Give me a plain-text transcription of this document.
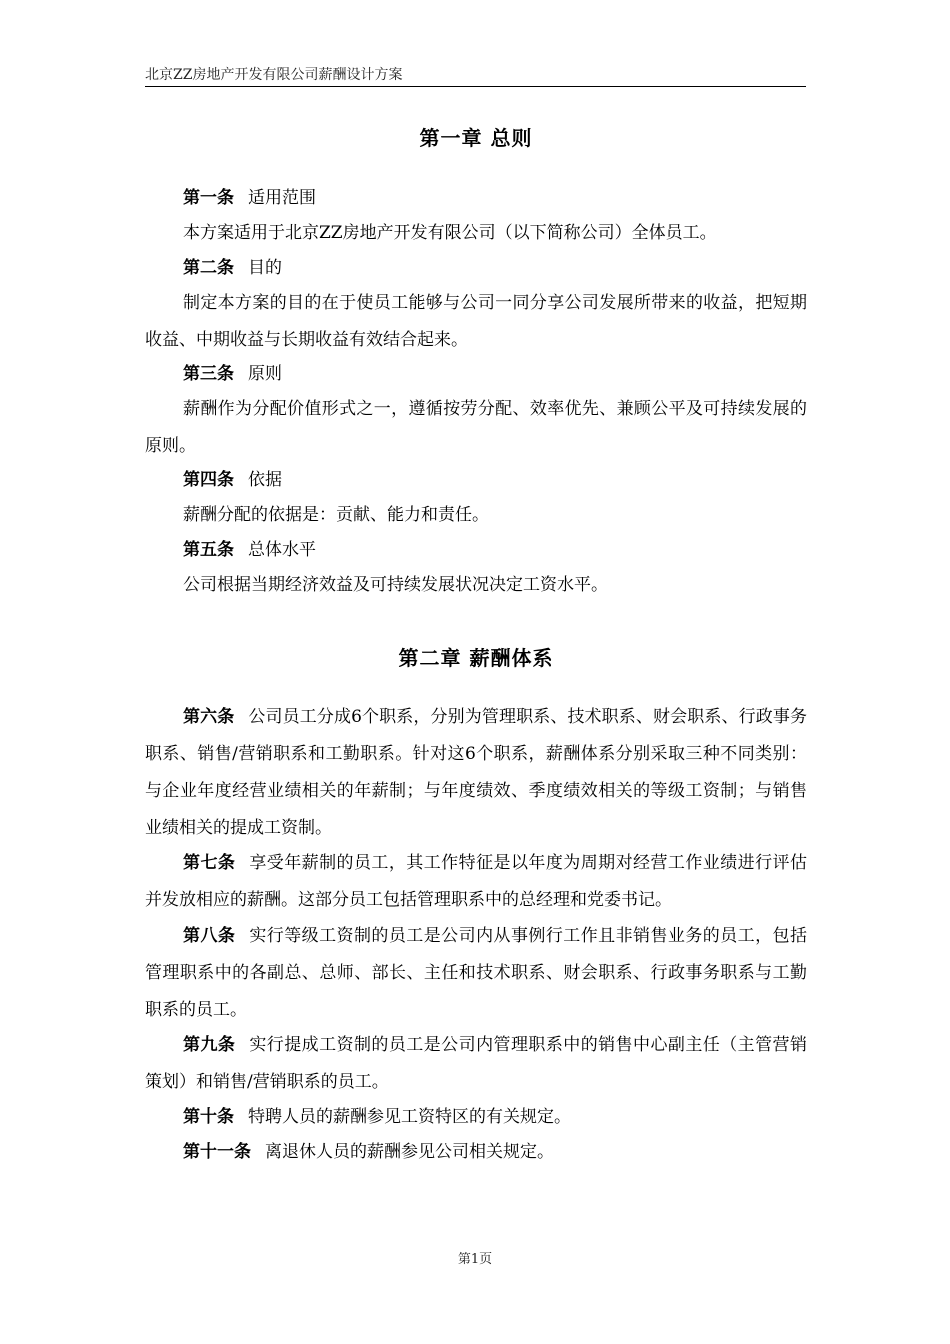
北京ZZ房地产开发有限公司薪酬设计方案
第一章 总则
第一条 适用范围
本方案适用于北京ZZ房地产开发有限公司（以下简称公司）全体员工。
第二条 目的
制定本方案的目的在于使员工能够与公司一同分享公司发展所带来的收益，把短期收益、中期收益与长期收益有效结合起来。
第三条 原则
薪酬作为分配价值形式之一，遵循按劳分配、效率优先、兼顾公平及可持续发展的原则。
第四条 依据
薪酬分配的依据是：贡献、能力和责任。
第五条 总体水平
公司根据当期经济效益及可持续发展状况决定工资水平。
第二章 薪酬体系
第六条 公司员工分成6个职系，分别为管理职系、技术职系、财会职系、行政事务职系、销售/营销职系和工勤职系。针对这6个职系，薪酬体系分别采取三种不同类别：与企业年度经营业绩相关的年薪制；与年度绩效、季度绩效相关的等级工资制；与销售业绩相关的提成工资制。
第七条 享受年薪制的员工，其工作特征是以年度为周期对经营工作业绩进行评估并发放相应的薪酬。这部分员工包括管理职系中的总经理和党委书记。
第八条 实行等级工资制的员工是公司内从事例行工作且非销售业务的员工，包括管理职系中的各副总、总师、部长、主任和技术职系、财会职系、行政事务职系与工勤职系的员工。
第九条 实行提成工资制的员工是公司内管理职系中的销售中心副主任（主管营销策划）和销售/营销职系的员工。
第十条 特聘人员的薪酬参见工资特区的有关规定。
第十一条 离退休人员的薪酬参见公司相关规定。
第1页
